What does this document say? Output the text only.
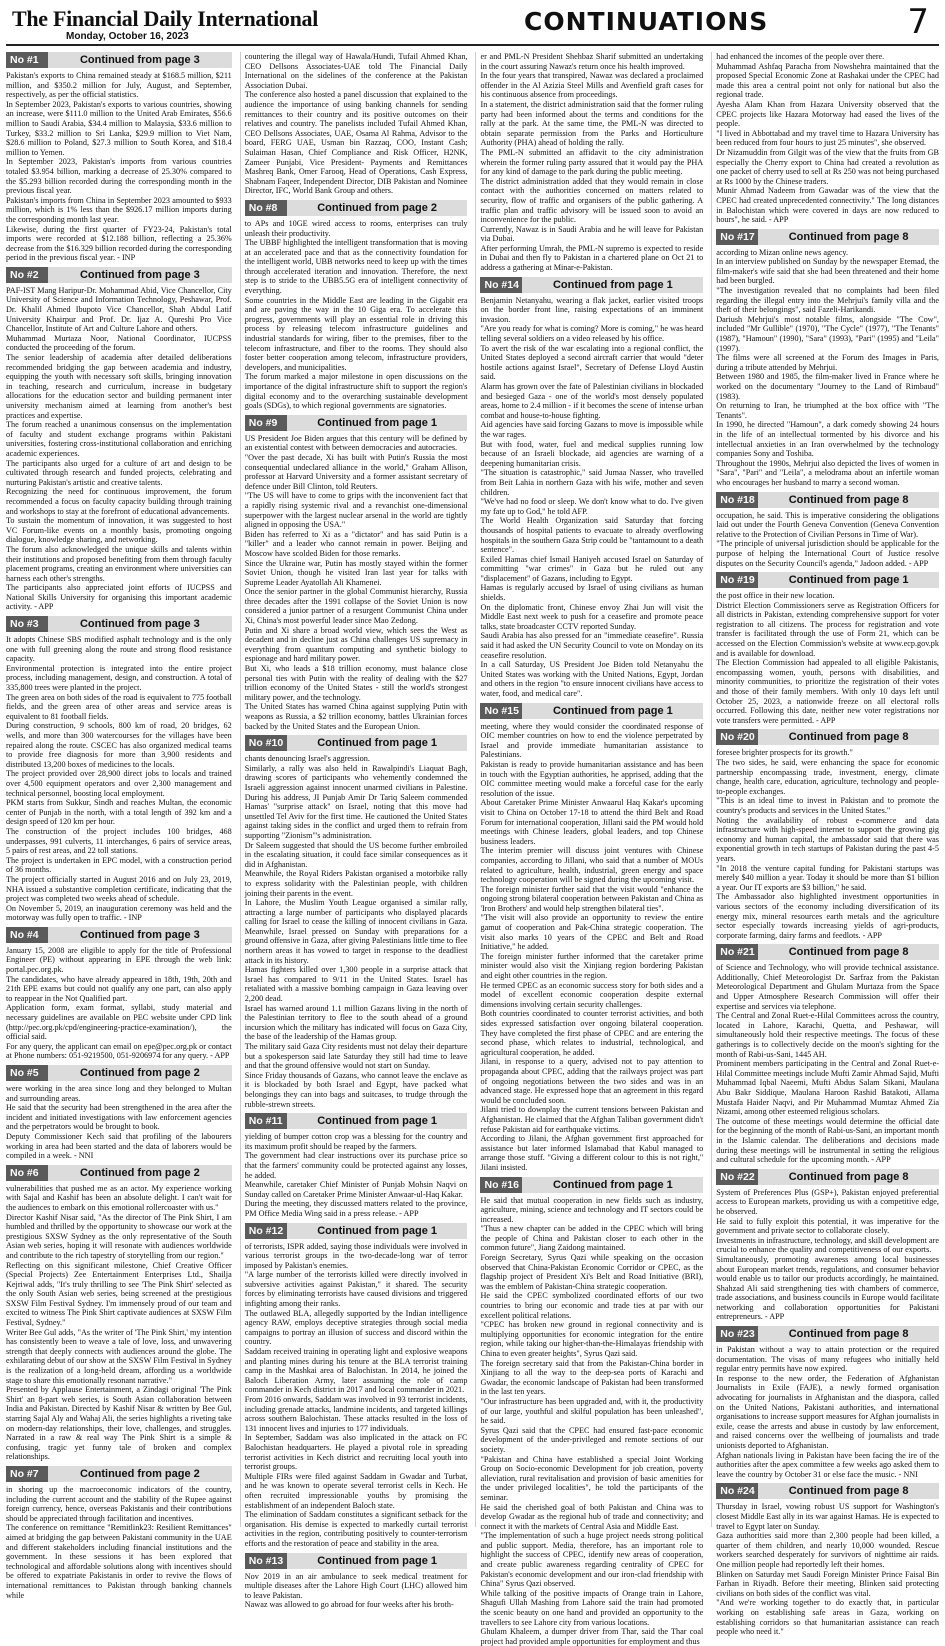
The Financial Daily International
Monday, October 16, 2023
CONTINUATIONS	7
No #1	Continued from page 3

Pakistan's exports to China remained steady at $168.5 million, $211 million, and $350.2 million for July, August, and September, respectively, as per the official statistics.

In September 2023, Pakistan's exports to various countries, showing an increase, were $111.0 million to the United Arab Emirates, $56.6 million to Saudi Arabia, $34.4 million to Malaysia, $33.6 million to Turkey, $33.2 million to Sri Lanka, $29.9 million to Viet Nam, $28.6 million to Poland, $27.3 million to South Korea, and $18.4 million to Yemen.

In September 2023, Pakistan's imports from various countries totaled $3.954 billion, marking a decrease of 25.30% compared to the $5.293 billion recorded during the corresponding month in the previous fiscal year.

Pakistan's imports from China in September 2023 amounted to $933 million, which is 1% less than the $926.17 million imports during the corresponding month last year.

Likewise, during the first quarter of FY23-24, Pakistan's total imports were recorded at $12.188 billion, reflecting a 25.36% decrease from the $16.329 billion recorded during the corresponding period in the previous fiscal year. - INP

No #2	Continued from page 3

PAF-IST Mang Haripur-Dr. Mohammad Abid, Vice Chancellor, City University of Science and Information Technology, Peshawar, Prof. Dr. Khalil Ahmed Ibupoto Vice Chancellor, Shah Abdul Latif University Khairpur and Prof. Dr. Ijaz A. Qureshi Pro Vice Chancellor, Institute of Art and Culture Lahore and others.

Muhammad Murtaza Noor, National Coordinator, IUCPSS conducted the proceeding of the forum.

The senior leadership of academia after detailed deliberations recommended bridging the gap between academia and industry, equipping the youth with necessary soft skills, bringing innovation in teaching, research and curriculum, increase in budgetary allocations for the education sector and building permanent inter university mechanism aimed at learning from another's best practices and expertise.

The forum reached a unanimous consensus on the implementation of faculty and student exchange programs within Pakistani universities, fostering cross-institutional collaboration and enriching academic experiences.

The participants also urged for a culture of art and design to be cultivated through research and funded projects, celebrating and nurturing Pakistan's artistic and creative talents.

Recognizing the need for continuous improvement, the forum recommended a focus on faculty capacity building through training and workshops to stay at the forefront of educational advancements.

To sustain the momentum of innovation, it was suggested to host VC Forum-like events on a monthly basis, promoting ongoing dialogue, knowledge sharing, and networking.

The forum also acknowledged the unique skills and talents within their institutions and proposed benefiting from them through faculty placement programs, creating an environment where universities can harness each other's strengths.

The participants also appreciated joint efforts of IUCPSS and National Skills University for organising this important academic activity. - APP

No #3	Continued from page 3

It adopts Chinese SBS modified asphalt technology and is the only one with full greening along the route and strong flood resistance capacity.

Environmental protection is integrated into the entire project process, including management, design, and construction. A total of 335,800 trees were planted in the project.

The green area on both sides of the road is equivalent to 775 football fields, and the green area of other areas and service areas is equivalent to 81 football fields.

During construction, 9 schools, 800 km of road, 20 bridges, 62 wells, and more than 300 watercourses for the villages have been repaired along the route. CSCEC has also organized medical teams to provide free diagnosis for more than 3,900 residents and distributed 13,200 boxes of medicines to the locals.

The project provided over 28,900 direct jobs to locals and trained over 4,500 equipment operators and over 2,300 management and technical personnel, boosting local employment.

PKM starts from Sukkur, Sindh and reaches Multan, the economic center of Punjab in the north, with a total length of 392 km and a design speed of 120 km per hour.

The construction of the project includes 100 bridges, 468 underpasses, 991 culverts, 11 interchanges, 6 pairs of service areas, 5 pairs of rest areas, and 22 toll stations.

The project is undertaken in EPC model, with a construction period of 36 months.

The project officially started in August 2016 and on July 23, 2019, NHA issued a substantive completion certificate, indicating that the project was completed two weeks ahead of schedule.

On November 5, 2019, an inauguration ceremony was held and the motorway was fully open to traffic. - INP

No #4	Continued from page 3

January 15, 2008 are eligible to apply for the title of Professional Engineer (PE) without appearing in EPE through the web link: portal.pec.org.pk.

The candidates, who have already appeared in 18th, 19th, 20th and 21th EPE exams but could not qualify any one part, can also apply to reappear in the Not Qualified part.

Application form, exam format, syllabi, study material and necessary guidelines are available on PEC website under CPD link (http://pec.org.pk/cpd/engineering-practice-examination/), the official said.

For any query, the applicant can email on epe@pec.org.pk or contact at Phone numbers: 051-9219500, 051-9206974 for any query. - APP

No #5	Continued from page 2

were working in the area since long and they belonged to Multan and surrounding areas.

He said that the security had been strengthened in the area after the incident and initiated investigations with law enforcement agencies and the perpetrators would be brought to book.

Deputy Commissioner Kech said that profiling of the labourers working in area had been started and the data of laborers would be compiled in a week. - NNI

No #6	Continued from page 2

vulnerabilities that pushed me as an actor. My experience working with Sajal and Kashif has been an absolute delight. I can't wait for the audiences to embark on this emotional rollercoaster with us."

Director Kashif Nisar said, "As the director of The Pink Shirt, I am humbled and thrilled by the opportunity to showcase our work at the prestigious SXSW Sydney as the only representative of the South Asian web series, hoping it will resonate with audiences worldwide and contribute to the rich tapestry of storytelling from our region."

Reflecting on this significant milestone, Chief Creative Officer (Special Projects) Zee Entertainment Enterprises Ltd., Shailja Kejriwal adds, "It's truly thrilling to see 'The Pink Shirt' selected as the only South Asian web series, being screened at the prestigious SXSW Film Festival Sydney. I'm immensely proud of our team and excited to witness The Pink Shirt captivate audiences at SXSW Film Festival, Sydney."

Writer Bee Gul adds, "As the writer of 'The Pink Shirt,' my intention has consistently been to weave a tale of love, loss, and unwavering strength that deeply connects with audiences around the globe. The exhilarating debut of our show at the SXSW Film Festival in Sydney is the realization of a long-held dream, affording us a worldwide stage to share this emotionally resonant narrative."

Presented by Applause Entertainment, a Zindagi original 'The Pink Shirt' an 8-part web series, is South Asian collaboration between India and Pakistan. Directed by Kashif Nisar & written by Bee Gul, starring Sajal Aly and Wahaj Ali, the series highlights a riveting take on modern-day relationships, their love, challenges, and struggles. Narrated in a raw & real way The Pink Shirt is a simple & confusing, tragic yet funny tale of broken and complex relationships.

No #7	Continued from page 2

in shoring up the macroeconomic indicators of the country, including the current account and the stability of the Rupee against foreign currency, hence, overseas Pakistanis and their contributions should be appreciated through facilitation and incentives.

The conference on remittance "Remitlink23: Resilient Remittances" aimed at bridging the gap between Pakistani community in the UAE and different stakeholders including financial institutions and the government. In these sessions it has been explored that technological and affordable solutions along with incentives should be offered to expatriate Pakistanis in order to revive the flows of international remittances to Pakistan through banking channels while

countering the illegal way of Hawala/Hundi, Tufail Ahmed Khan, CEO Dellsons Associates-UAE told The Financial Daily International on the sidelines of the conference at the Pakistan Association Dubai.

The conference also hosted a panel discussion that explained to the audience the importance of using banking channels for sending remittances to their country and its positive outcomes on their relatives and country. The panelists included Tufail Ahmed Khan, CEO Dellsons Associates, UAE, Osama Al Rahma, Advisor to the board, FERG UAE, Usman bin Razzaq, COO, Instant Cash; Sulaiman Hasan, Chief Compliance and Risk Officer, H2NK, Zameer Punjabi, Vice President- Payments and Remittances Mashreq Bank, Omer Farooq, Head of Operations, Cash Express, Shabnam Faqeer, Independent Director, DIB Pakistan and Nominee Director, IFC, World Bank Group and others.

No #8	Continued from page 2

to APs and 10GE wired access to rooms, enterprises can truly unleash their productivity.

The UBBF highlighted the intelligent transformation that is moving at an accelerated pace and that as the connectivity foundation for the intelligent world, UBB networks need to keep up with the times through accelerated iteration and innovation. Therefore, the next step is to stride to the UBB5.5G era of intelligent connectivity of everything.

Some countries in the Middle East are leading in the Gigabit era and are paving the way in the 10 Giga era. To accelerate this progress, governments will play an essential role in driving this process by releasing telecom infrastructure guidelines and industrial standards for wiring, fiber to the premises, fiber to the telecom infrastructure, and fiber to the rooms. They should also foster better cooperation among telecom, infrastructure providers, developers, and municipalities.

The forum marked a major milestone in open discussions on the importance of the digital infrastructure shift to support the region's digital economy and to the overarching sustainable development goals (SDGs), to which regional governments are signatories.

No #9	Continued from page 1

US President Joe Biden argues that this century will be defined by an existential contest with between democracies and autocracies.

"Over the past decade, Xi has built with Putin's Russia the most consequential undeclared alliance in the world," Graham Allison, professor at Harvard University and a former assistant secretary of defence under Bill Clinton, told Reuters.

"The US will have to come to grips with the inconvenient fact that a rapidly rising systemic rival and a revanchist one-dimensional superpower with the largest nuclear arsenal in the world are tightly aligned in opposing the USA."

Biden has referred to Xi as a "dictator" and has said Putin is a "killer" and a leader who cannot remain in power. Beijing and Moscow have scolded Biden for those remarks.

Since the Ukraine war, Putin has mostly stayed within the former Soviet Union, though he visited Iran last year for talks with Supreme Leader Ayatollah Ali Khamenei.

Once the senior partner in the global Communist hierarchy, Russia three decades after the 1991 collapse of the Soviet Union is now considered a junior partner of a resurgent Communist China under Xi, China's most powerful leader since Mao Zedong.

Putin and Xi share a broad world view, which sees the West as decadent and in decline just as China challenges US supremacy in everything from quantum computing and synthetic biology to espionage and hard military power.

But Xi, who leads a $18 trillion economy, must balance close personal ties with Putin with the reality of dealing with the $27 trillion economy of the United States - still the world's strongest military power, and the technology.

The United States has warned China against supplying Putin with weapons as Russia, a $2 trillion economy, battles Ukrainian forces backed by the United States and the European Union.

No #10	Continued from page 1

chants denouncing Israel's aggression.

Similarly, a rally was also held in Rawalpindi's Liaquat Bagh, drawing scores of participants who vehemently condemned the Israeli aggression against innocent unarmed civilians in Palestine. During his address, JI Punjab Amir Dr Tariq Saleem commended Hamas' "surprise attack" on Israel, noting that this move had unsettled Tel Aviv for the first time. He cautioned the United States against taking sides in the conflict and urged them to refrain from supporting "Zionism"'s administration.

Dr Saleem suggested that should the US become further embroiled in the escalating situation, it could face similar consequences as it did in Afghanistan.

Meanwhile, the Royal Riders Pakistan organised a motorbike rally to express solidarity with the Palestinian people, with children joining their parents in the event.

In Lahore, the Muslim Youth League organised a similar rally, attracting a large number of participants who displayed placards calling for Israel to cease the killing of innocent civilians in Gaza. Meanwhile, Israel pressed on Sunday with preparations for a ground offensive in Gaza, after giving Palestinians little time to flee northern areas it has vowed to target in response to the deadliest attack in its history.

Hamas fighters killed over 1,300 people in a surprise attack that Israel has compared to 9/11 in the United States. Israel has retaliated with a massive bombing campaign in Gaza leaving over 2,200 dead.

Israel has warned around 1.1 million Gazans living in the north of the Palestinian territory to flee to the south ahead of a ground incursion which the military has indicated will focus on Gaza City, the base of the leadership of the Hamas group.

The military said Gaza City residents must not delay their departure but a spokesperson said late Saturday they still had time to leave and that the ground offensive would not start on Sunday.

Since Friday thousands of Gazans, who cannot leave the enclave as it is blockaded by both Israel and Egypt, have packed what belongings they can into bags and suitcases, to trudge through the rubble-strewn streets.

No #11	Continued from page 1

yielding of bumper cotton crop was a blessing for the country and its maximum profit should be reaped by the farmers.

The government had clear instructions over its purchase price so that the farmers' community could be protected against any losses, he added.

Meanwhile, caretaker Chief Minister of Punjab Mohsin Naqvi on Sunday called on Caretaker Prime Minister Anwaar-ul-Haq Kakar.

During the meeting, they discussed matters related to the province, PM Office Media Wing said in a press release. - APP

No #12	Continued from page 1

of terrorists, ISPR added, saying those individuals were involved in various terrorist groups in the two-decade-long war of terror imposed by Pakistan's enemies.

"A large number of the terrorists killed were directly involved in subversive activities against Pakistan," it shared. The security forces by eliminating terrorists have caused divisions and triggered infighting among their ranks.

The outlawed BLA, allegedly supported by the Indian intelligence agency RAW, employs deceptive strategies through social media campaigns to portray an illusion of success and discord within the country.

Saddam received training in operating light and explosive weapons and planting mines during his tenure at the BLA terrorist training camp in the Mashkai area of Balochistan. In 2014, he joined the Baloch Liberation Army, later assuming the role of camp commander in Kech district in 2017 and local commander in 2021.

From 2016 onwards, Saddam was involved in 93 terrorist incidents, including grenade attacks, landmine incidents, and targeted killings across southern Balochistan. These attacks resulted in the loss of 131 innocent lives and injuries to 177 individuals.

In September, Saddam was also implicated in the attack on FC Balochistan headquarters. He played a pivotal role in spreading terrorist activities in Kech district and recruiting local youth into terrorist groups.

Multiple FIRs were filed against Saddam in Gwadar and Turbat, and he was known to operate several terrorist cells in Kech. He often recruited impressionable youths by promising the establishment of an independent Baloch state.

The elimination of Saddam constitutes a significant setback for the organisation. His demise is expected to markedly curtail terrorist activities in the region, contributing positively to counter-terrorism efforts and the restoration of peace and stability in the area.

No #13	Continued from page 1

Nov 2019 in an air ambulance to seek medical treatment for multiple diseases after the Lahore High Court (LHC) allowed him to leave Pakistan.

Nawaz was allowed to go abroad for four weeks after his broth-

er and PML-N President Shehbaz Sharif submitted an undertaking in the court assuring Nawaz's return once his health improved.

In the four years that transpired, Nawaz was declared a proclaimed offender in the Al Azizia Steel Mills and Avenfield graft cases for his continuous absence from proceedings.

In a statement, the district administration said that the former ruling party had been informed about the terms and conditions for the rally at the park. At the same time, the PML-N was directed to obtain separate permission from the Parks and Horticulture Authority (PHA) ahead of holding the rally.

The PML-N submitted an affidavit to the city administration wherein the former ruling party assured that it would pay the PHA for any kind of damage to the park during the public meeting.

The district administration added that they would remain in close contact with the authorities concerned on matters related to security, flow of traffic and organisers of the public gathering. A traffic plan and traffic advisory will be issued soon to avoid an inconvenience for the public.

Currently, Nawaz is in Saudi Arabia and he will leave for Pakistan via Dubai.

After performing Umrah, the PML-N supremo is expected to reside in Dubai and then fly to Pakistan in a chartered plane on Oct 21 to address a gathering at Minar-e-Pakistan.

No #14	Continued from page 1

Benjamin Netanyahu, wearing a flak jacket, earlier visited troops on the border front line, raising expectations of an imminent invasion.

"Are you ready for what is coming? More is coming," he was heard telling several soldiers on a video released by his office.

To avert the risk of the war escalating into a regional conflict, the United States deployed a second aircraft carrier that would "deter hostile actions against Israel", Secretary of Defense Lloyd Austin said.

Alarm has grown over the fate of Palestinian civilians in blockaded and besieged Gaza - one of the world's most densely populated areas, home to 2.4 million - if it becomes the scene of intense urban combat and house-to-house fighting.

Aid agencies have said forcing Gazans to move is impossible while the war rages.

But with food, water, fuel and medical supplies running low because of an Israeli blockade, aid agencies are warning of a deepening humanitarian crisis.

"The situation is catastrophic," said Jumaa Nasser, who travelled from Beit Lahia in northern Gaza with his wife, mother and seven children.

"We've had no food or sleep. We don't know what to do. I've given my fate up to God," he told AFP.

The World Health Organization said Saturday that forcing thousands of hospital patients to evacuate to already overflowing hospitals in the southern Gaza Strip could be "tantamount to a death sentence".

Exiled Hamas chief Ismail Haniyeh accused Israel on Saturday of committing "war crimes" in Gaza but he ruled out any "displacement" of Gazans, including to Egypt.

Hamas is regularly accused by Israel of using civilians as human shields.

On the diplomatic front, Chinese envoy Zhai Jun will visit the Middle East next week to push for a ceasefire and promote peace talks, state broadcaster CCTV reported Sunday.

Saudi Arabia has also pressed for an "immediate ceasefire". Russia said it had asked the UN Security Council to vote on Monday on its ceasefire resolution.

In a call Saturday, US President Joe Biden told Netanyahu the United States was working with the United Nations, Egypt, Jordan and others in the region "to ensure innocent civilians have access to water, food, and medical care".

No #15	Continued from page 1

meeting, where they would consider the coordinated response of OIC member countries on how to end the violence perpetrated by Israel and provide immediate humanitarian assistance to Palestinians.

Pakistan is ready to provide humanitarian assistance and has been in touch with the Egyptian authorities, he apprised, adding that the OIC committee meeting would make a forceful case for the early resolution of the issue.

About Caretaker Prime Minister Anwaarul Haq Kakar's upcoming visit to China on October 17-18 to attend the third Belt and Road Forum for international cooperation, Jillani said the PM would hold meetings with Chinese leaders, global leaders, and top Chinese business leaders.

The interim premier will discuss joint ventures with Chinese companies, according to Jillani, who said that a number of MOUs related to agriculture, health, industrial, green energy and space technology cooperation will be signed during the upcoming visit.

The foreign minister further said that the visit would "enhance the ongoing strong bilateral cooperation between Pakistan and China as 'Iron Brothers' and would help strengthen bilateral ties".

"The visit will also provide an opportunity to review the entire gamut of cooperation and Pak-China strategic cooperation. The visit also marks 10 years of the CPEC and Belt and Road Initiative," he added.

The foreign minister further informed that the caretaker prime minister would also visit the Xinjiang region bordering Pakistan and eight other countries in the region.

He termed CPEC as an economic success story for both sides and a model of excellent economic cooperation despite external dimensions involving certain security challenges.

Both countries coordinated to counter terrorist activities, and both sides expressed satisfaction over ongoing bilateral cooperation. They have completed the first phase of CPEC and are entering the second phase, which relates to industrial, technological, and agricultural cooperation, he added.

Jilani, in response to a query, advised not to pay attention to propaganda about CPEC, adding that the railways project was part of ongoing negotiations between the two sides and was in an advanced stage. He expressed hope that an agreement in this regard would be concluded soon.

Jilani tried to downplay the current tensions between Pakistan and Afghanistan. He claimed that the Afghan Taliban government didn't refuse Pakistan aid for earthquake victims.

According to Jilani, the Afghan government first approached for assistance but later informed Islamabad that Kabul managed to arrange those stuff. "Giving a different colour to this is not right," Jilani insisted.

No #16	Continued from page 1

He said that mutual cooperation in new fields such as industry, agriculture, mining, science and technology and IT sectors could be increased.

"Thus a new chapter can be added in the CPEC which will bring the people of China and Pakistan closer to each other in the common future", Jiang Zaidong maintained.

Foreign Secretary, Syrus Qazi while speaking on the occasion observed that China-Pakistan Economic Corridor or CPEC, as the flagship project of President Xi's Belt and Road Initiative (BRI), was the emblem of Pakistan-China strategic cooperation.

He said the CPEC symbolized coordinated efforts of our two countries to bring our economic and trade ties at par with our excellent political relations.

"CPEC has broken new ground in regional connectivity and is multiplying opportunities for economic integration for the entire region, while taking our higher-than-the-Himalayas friendship with China to even greater heights", Syrus Qazi said.

The foreign secretary said that from the Pakistan-China border in Xinjiang to all the way to the deep-sea ports of Karachi and Gwadar, the economic landscape of Pakistan had been transformed in the last ten years.

"Our infrastructure has been upgraded and, with it, the productivity of our large, youthful and skilful population has been unleashed", he said.

Syrus Qazi said that the CPEC had ensured fast-pace economic development of the under-privileged and remote sections of our society.

"Pakistan and China have established a special Joint Working Group on Socio-economic Development for job creation, poverty alleviation, rural revitalisation and provision of basic amenities for the under privileged localities", he told the participants of the seminar.

He said the cherished goal of both Pakistan and China was to develop Gwadar as the regional hub of trade and connectivity; and connect it with the markets of Central Asia and Middle East.

"The implementation of such a huge project needs strong political and public support. Media, therefore, has an important role to highlight the success of CPEC, identify new areas of cooperation, and create public awareness regarding centrality of CPEC for Pakistan's economic development and our iron-clad friendship with China" Syrus Qazi observed.

While talking of the positive impacts of Orange train in Lahore, Shagufi Ullah Mashing from Lahore said the train had promoted the scenic beauty on one hand and provided an opportunity to the travellers to see Lahore city from various locations.

Ghulam Khaleem, a dumper driver from Thar, said the Thar coal project had provided ample opportunities for employment and thus

had enhanced the incomes of the people over there.

Muhammad Ashfaq Paracha from Nowshehra maintained that the proposed Special Economic Zone at Rashakai under the CPEC had made this area a central point not only for national but also the regional trade.

Ayesha Alam Khan from Hazara University observed that the CPEC projects like Hazara Motorway had eased the lives of the people.

"I lived in Abbottabad and my travel time to Hazara University has been reduced from four hours to just 25 minutes", she observed.

Dr Nizamuddin from Gilgit was of the view that the fruits from GB especially the Cherry export to China had created a revolution as one packet of cherry used to sell at Rs 250 was not being purchased at Rs 1000 by the Chinese traders.

Munir Ahmad Nadeem from Gawadar was of the view that the CPEC had created unprecedented connectivity." The long distances in Balochistan which were covered in days are now reduced to hours", he said. - APP

No #17	Continued from page 8

according to Mizan online news agency.

In an interview published on Sunday by the newspaper Etemad, the film-maker's wife said that she had been threatened and their home had been burgled.

"The investigation revealed that no complaints had been filed regarding the illegal entry into the Mehrjui's family villa and the theft of their belongings", said Fazeli-Harikandi.

Dariush Mehrjui's most notable films, alongside "The Cow", included "Mr Gullible" (1970), "The Cycle" (1977), "The Tenants" (1987), "Hamoun" (1990), "Sara" (1993), "Pari" (1995) and "Leila" (1997).

The films were all screened at the Forum des Images in Paris, during a tribute attended by Mehrjui.

Between 1980 and 1985, the film-maker lived in France where he worked on the documentary "Journey to the Land of Rimbaud" (1983).

On returning to Iran, he triumphed at the box office with "The Tenants".

In 1990, he directed "Hamoun", a dark comedy showing 24 hours in the life of an intellectual tormented by his divorce and his intellectual anxieties in an Iran overwhelmed by the technology companies Sony and Toshiba.

Throughout the 1990s, Mehrjui also depicted the lives of women in "Sara", "Pari" and "Leila", a melodrama about an infertile woman who encourages her husband to marry a second woman.

No #18	Continued from page 8

occupation, he said. This is imperative considering the obligations laid out under the Fourth Geneva Convention (Geneva Convention relative to the Protection of Civilian Persons in Time of War).

"The principle of universal jurisdiction should be applicable for the purpose of helping the International Court of Justice resolve disputes on the Security Council's agenda," Jadoon added. - APP

No #19	Continued from page 1

the post office in their new location.

District Election Commissioners serve as Registration Officers for all districts in Pakistan, extending comprehensive support for voter registration to all citizens. The process for registration and vote transfer is facilitated through the use of Form 21, which can be accessed on the Election Commission's website at www.ecp.gov.pk and is available for download.

The Election Commission had appealed to all eligible Pakistanis, encompassing women, youth, persons with disabilities, and minority communities, to prioritize the registration of their votes and those of their family members. With only 10 days left until October 25, 2023, a nationwide freeze on all electoral rolls occurred. Following this date, neither new voter registrations nor vote transfers were permitted. - APP

No #20	Continued from page 8

foresee brighter prospects for its growth."

The two sides, he said, were enhancing the space for economic partnership encompassing trade, investment, energy, climate change, health care, education, agriculture, technology and people-to-people exchanges.

"This is an ideal time to invest in Pakistan and to promote the country's products and services in the United States."

Noting the availability of robust e-commerce and data infrastructure with high-speed internet to support the growing gig economy and human capital, the ambassador said that there was exponential growth in tech startups of Pakistan during the past 4-5 years.

"In 2018 the venture capital funding for Pakistani startups was merely $40 million a year. Today it should be more than $1 billion a year. Our IT exports are $3 billion," he said.

The Ambassador also highlighted investment opportunities in various sectors of the economy including diversification of its energy mix, mineral resources earth metals and the agriculture sector especially towards increasing yields of agri-products, corporate farming, dairy farms and feedlots. - APP

No #21	Continued from page 8

of Science and Technology, who will provide technical assistance. Additionally, Chief Meteorologist Dr. Sarfraz from the Pakistan Meteorological Department and Ghulam Murtaza from the Space and Upper Atmosphere Research Commission will offer their expertise and services via telephone.

The Central and Zonal Ruet-e-Hilal Committees across the country, located in Lahore, Karachi, Quetta, and Peshawar, will simultaneously hold their respective meetings. The focus of these gatherings is to collectively decide on the moon's sighting for the month of Rabi-us-Sani, 1445 AH.

Prominent members participating in the Central and Zonal Ruet-e-Hilal Committee meetings include Mufti Zamir Ahmad Sajid, Mufti Muhammad Iqbal Naeemi, Mufti Abdus Salam Sikani, Maulana Abu Bakr Siddique, Maulana Haroon Rashid Batakoti, Allama Mustafa Haider Naqvi, and Pir Muhammad Mumtaz Ahmed Zia Nizami, among other esteemed religious scholars.

The outcome of these meetings would determine the official date for the beginning of the month of Rabi-us-Sani, an important month in the Islamic calendar. The deliberations and decisions made during these meetings will be instrumental in setting the religious and cultural schedule for the upcoming month. - APP

No #22	Continued from page 8

System of Preferences Plus (GSP+), Pakistan enjoyed preferential access to European markets, providing us with a competitive edge, he observed.

He said to fully exploit this potential, it was imperative for the government and private sector to collaborate closely.

Investments in infrastructure, technology, and skill development are crucial to enhance the quality and competitiveness of our exports.

Simultaneously, promoting awareness among local businesses about European market trends, regulations, and consumer behavior would enable us to tailor our products accordingly, he maintained. Shahzad Ali said strengthening ties with chambers of commerce, trade associations, and business councils in Europe would facilitate networking and collaboration opportunities for Pakistani entrepreneurs. - APP

No #23	Continued from page 8

in Pakistan without a way to attain protection or the required documentation. The visas of many refugees who initially held regular entry permits have now expired.

In response to the new order, the Federation of Afghanistan Journalists in Exile (FAJE), a newly formed organisation advocating for journalists in Afghanistan and the diaspora, called on the United Nations, Pakistani authorities, and international organisations to increase support measures for Afghan journalists in exile, cease the arrests and abuse in custody by law enforcement, and raised concerns over the wellbeing of journalists and trade unionists deported to Afghanistan.

Afghan nationals living in Pakistan have been facing the ire of the authorities after the apex committee a few weeks ago asked them to leave the country by October 31 or else face the music. - NNI

No #24	Continued from page 8

Thursday in Israel, vowing robust US support for Washington's closest Middle East ally in its war against Hamas. He is expected to travel to Egypt later on Sunday.

Gaza authorities said more than 2,300 people had been killed, a quarter of them children, and nearly 10,000 wounded. Rescue workers searched desperately for survivors of nighttime air raids. One million people had reportedly left their homes.

Blinken on Saturday met Saudi Foreign Minister Prince Faisal Bin Farhan in Riyadh. Before their meeting, Blinken said protecting civilians on both sides of the conflict was vital.

"And we're working together to do exactly that, in particular working on establishing safe areas in Gaza, working on establishing corridors so that humanitarian assistance can reach people who need it."
